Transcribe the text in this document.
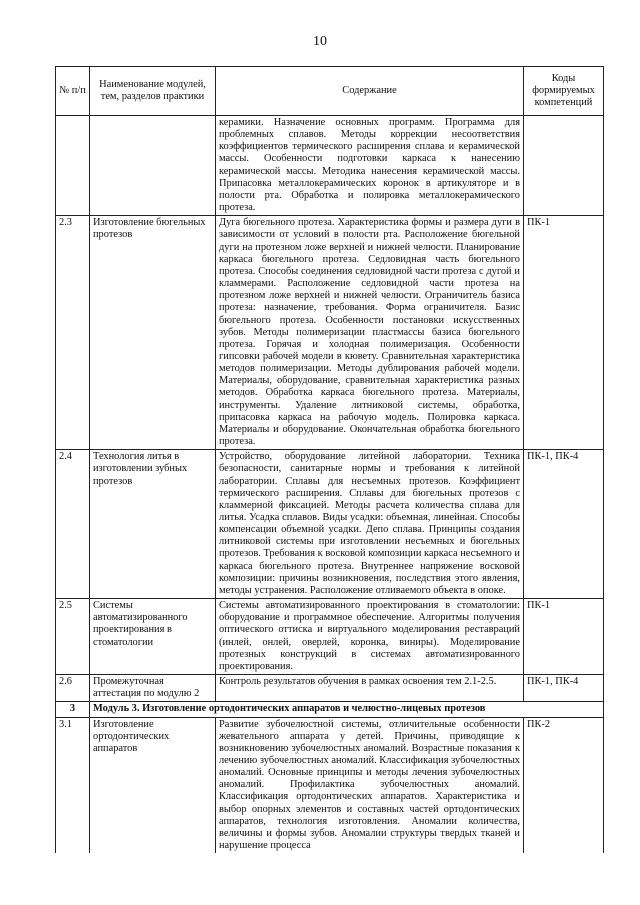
10
№ п/п	Наименование модулей, тем, разделов практики	Содержание	Коды формируемых компетенций
		керамики. Назначение основных программ. Программа для проблемных сплавов. Методы коррекции несоответствия коэффициентов термического расширения сплава и керамической массы. Особенности подготовки каркаса к нанесению керамической массы. Методика нанесения керамической массы. Припасовка металлокерамических коронок в артикуляторе и в полости рта. Обработка и полировка металлокерамического протеза.	
2.3	Изготовление бюгельных протезов	Дуга бюгельного протеза. Характеристика формы и размера дуги в зависимости от условий в полости рта. Расположение бюгельной дуги на протезном ложе верхней и нижней челюсти. Планирование каркаса бюгельного протеза. Седловидная часть бюгельного протеза. Способы соединения седловидной части протеза с дугой и кламмерами. Расположение седловидной части протеза на протезном ложе верхней и нижней челюсти. Ограничитель базиса протеза: назначение, требования. Форма ограничителя. Базис бюгельного протеза. Особенности постановки искусственных зубов. Методы полимеризации пластмассы базиса бюгельного протеза. Горячая и холодная полимеризация. Особенности гипсовки рабочей модели в кювету. Сравнительная характеристика методов полимеризации. Методы дублирования рабочей модели. Материалы, оборудование, сравнительная характеристика разных методов. Обработка каркаса бюгельного протеза. Материалы, инструменты. Удаление литниковой системы, обработка, припасовка каркаса на рабочую модель. Полировка каркаса. Материалы и оборудование. Окончательная обработка бюгельного протеза.	ПК-1
2.4	Технология литья в изготовлении зубных протезов	Устройство, оборудование литейной лаборатории. Техника безопасности, санитарные нормы и требования к литейной лаборатории. Сплавы для несъемных протезов. Коэффициент термического расширения. Сплавы для бюгельных протезов с кламмерной фиксацией. Методы расчета количества сплава для литья. Усадка сплавов. Виды усадки: объемная, линейная. Способы компенсации объемной усадки. Депо сплава. Принципы создания литниковой системы при изготовлении несъемных и бюгельных протезов. Требования к восковой композиции каркаса несъемного и каркаса бюгельного протеза. Внутреннее напряжение восковой композиции: причины возникновения, последствия этого явления, методы устранения. Расположение отливаемого объекта в опоке.	ПК-1, ПК-4
2.5	Системы автоматизированного проектирования в стоматологии	Системы автоматизированного проектирования в стоматологии: оборудование и программное обеспечение. Алгоритмы получения оптического оттиска и виртуального моделирования реставраций (инлей, онлей, оверлей, коронка, виниры). Моделирование протезных конструкций в системах автоматизированного проектирования.	ПК-1
2.6	Промежуточная аттестация по модулю 2	Контроль результатов обучения в рамках освоения тем 2.1-2.5.	ПК-1, ПК-4
3	Модуль 3. Изготовление ортодонтических аппаратов и челюстно-лицевых протезов		
3.1	Изготовление ортодонтических аппаратов	Развитие зубочелюстной системы, отличительные особенности жевательного аппарата у детей. Причины, приводящие к возникновению зубочелюстных аномалий. Возрастные показания к лечению зубочелюстных аномалий. Классификация зубочелюстных аномалий. Основные принципы и методы лечения зубочелюстных аномалий. Профилактика зубочелюстных аномалий. Классификация ортодонтических аппаратов. Характеристика и выбор опорных элементов и составных частей ортодонтических аппаратов, технология изготовления. Аномалии количества, величины и формы зубов. Аномалии структуры твердых тканей и нарушение процесса	ПК-2
